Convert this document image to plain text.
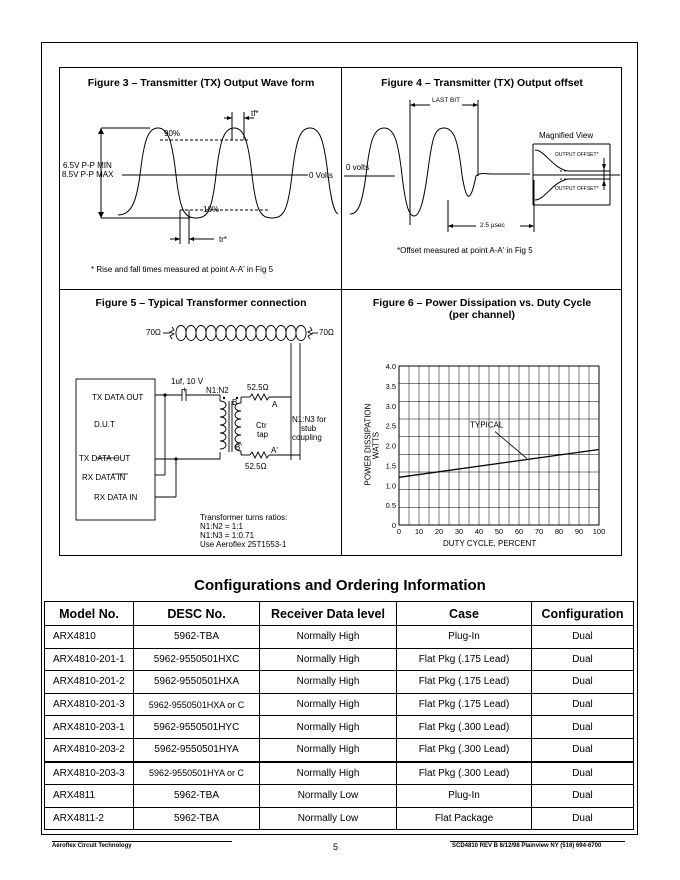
Figure 3 – Transmitter (TX) Output Wave form
6.5V P-P MIN
8.5V P-P MAX
90%
10%
0 Volts
tf*
tr*
* Rise and fall times measured at point A-A' in Fig 5
Figure 4 – Transmitter (TX) Output offset
LAST BIT
Magnified View
0 volts
OUTPUT OFFSET*
OUTPUT OFFSET*
2.5 µsec
*Offset measured at point A-A' in Fig 5
Figure 5 – Typical Transformer connection
70Ω	70Ω
1uf, 10 V
N1:N2
+	52.5Ω
B	A
Ctr
tap
N1:N3 for
stub
coupling
B'	A'
52.5Ω
TX DATA OUT
D.U.T
TX DATA OUT
RX DATA IN
RX DATA IN
Transformer turns ratios:
N1:N2 = 1:1
N1:N3 = 1:0.71
Use Aeroflex 25T1553-1
Figure 6 – Power Dissipation vs. Duty Cycle
(per channel)
0 10 20 30 40 50 60 70 80 90 100
0
0.5
1.0
1.5
2.0
2.5
3.0
3.5
4.0
TYPICAL
DUTY CYCLE, PERCENT
POWER DISSIPATION WATTS
Configurations and Ordering Information
Model No.	DESC No.	Receiver Data level	Case	Configuration
ARX4810	5962-TBA	Normally High	Plug-In	Dual
ARX4810-201-1	5962-9550501HXC	Normally High	Flat Pkg (.175 Lead)	Dual
ARX4810-201-2	5962-9550501HXA	Normally High	Flat Pkg (.175 Lead)	Dual
ARX4810-201-3	5962-9550501HXA or C	Normally High	Flat Pkg (.175 Lead)	Dual
ARX4810-203-1	5962-9550501HYC	Normally High	Flat Pkg (.300 Lead)	Dual
ARX4810-203-2	5962-9550501HYA	Normally High	Flat Pkg (.300 Lead)	Dual
ARX4810-203-3	5962-9550501HYA or C	Normally High	Flat Pkg (.300 Lead)	Dual
ARX4811	5962-TBA	Normally Low	Plug-In	Dual
ARX4811-2	5962-TBA	Normally Low	Flat Package	Dual
Aeroflex Circuit Technology	5	SCD4810 REV B 8/12/98 Plainview NY (516) 694-6700
